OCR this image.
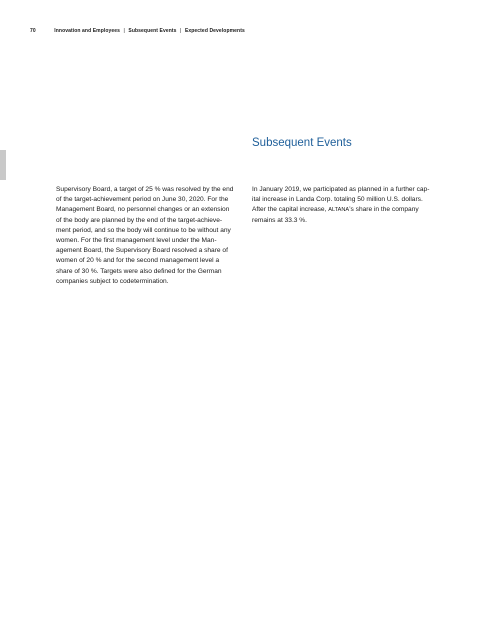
70	Innovation and Employees | Subsequent Events | Expected Developments
Subsequent Events
Supervisory Board, a target of 25 % was resolved by the end
of the target-achievement period on June 30, 2020. For the
Management Board, no personnel changes or an extension
of the body are planned by the end of the target-achieve-
ment period, and so the body will continue to be without any
women. For the first management level under the Man-
agement Board, the Supervisory Board resolved a share of
women of 20 % and for the second management level a
share of 30 %. Targets were also defined for the German
companies subject to codetermination.
In January 2019, we participated as planned in a further cap-
ital increase in Landa Corp. totaling 50 million U.S. dollars.
After the capital increase, ALTANA’s share in the company
remains at 33.3 %.
